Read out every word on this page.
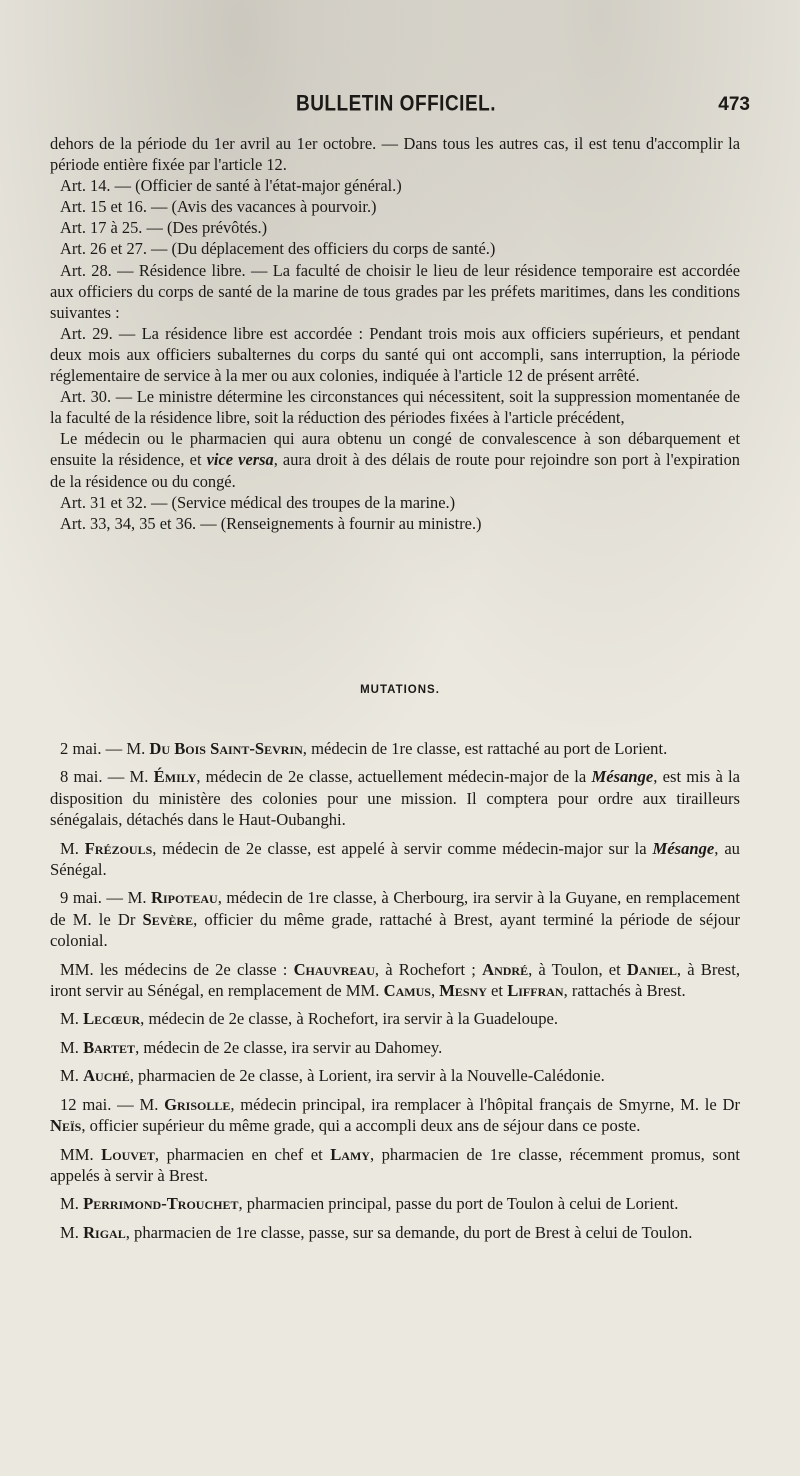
BULLETIN OFFICIEL.	473

dehors de la période du 1er avril au 1er octobre. — Dans tous les autres cas, il est tenu d'accomplir la période entière fixée par l'article 12.

Art. 14. — (Officier de santé à l'état-major général.)

Art. 15 et 16. — (Avis des vacances à pourvoir.)

Art. 17 à 25. — (Des prévôtés.)

Art. 26 et 27. — (Du déplacement des officiers du corps de santé.)

Art. 28. — Résidence libre. — La faculté de choisir le lieu de leur résidence temporaire est accordée aux officiers du corps de santé de la marine de tous grades par les préfets maritimes, dans les conditions suivantes :

Art. 29. — La résidence libre est accordée : Pendant trois mois aux officiers supérieurs, et pendant deux mois aux officiers subalternes du corps du santé qui ont accompli, sans interruption, la période réglementaire de service à la mer ou aux colonies, indiquée à l'article 12 de présent arrêté.

Art. 30. — Le ministre détermine les circonstances qui nécessitent, soit la suppression momentanée de la faculté de la résidence libre, soit la réduction des périodes fixées à l'article précédent,

Le médecin ou le pharmacien qui aura obtenu un congé de convalescence à son débarquement et ensuite la résidence, et vice versa, aura droit à des délais de route pour rejoindre son port à l'expiration de la résidence ou du congé.

Art. 31 et 32. — (Service médical des troupes de la marine.)

Art. 33, 34, 35 et 36. — (Renseignements à fournir au ministre.)

MUTATIONS.

2 mai. — M. Du Bois Saint-Sevrin, médecin de 1re classe, est rattaché au port de Lorient.

8 mai. — M. Émily, médecin de 2e classe, actuellement médecin-major de la Mésange, est mis à la disposition du ministère des colonies pour une mission. Il comptera pour ordre aux tirailleurs sénégalais, détachés dans le Haut-Oubanghi.

M. Frézouls, médecin de 2e classe, est appelé à servir comme médecin-major sur la Mésange, au Sénégal.

9 mai. — M. Ripoteau, médecin de 1re classe, à Cherbourg, ira servir à la Guyane, en remplacement de M. le Dr Sevère, officier du même grade, rattaché à Brest, ayant terminé la période de séjour colonial.

MM. les médecins de 2e classe : Chauvreau, à Rochefort ; André, à Toulon, et Daniel, à Brest, iront servir au Sénégal, en remplacement de MM. Camus, Mesny et Liffran, rattachés à Brest.

M. Lecœur, médecin de 2e classe, à Rochefort, ira servir à la Guadeloupe.

M. Bartet, médecin de 2e classe, ira servir au Dahomey.

M. Auché, pharmacien de 2e classe, à Lorient, ira servir à la Nouvelle-Calédonie.

12 mai. — M. Grisolle, médecin principal, ira remplacer à l'hôpital français de Smyrne, M. le Dr Neïs, officier supérieur du même grade, qui a accompli deux ans de séjour dans ce poste.

MM. Louvet, pharmacien en chef et Lamy, pharmacien de 1re classe, récemment promus, sont appelés à servir à Brest.

M. Perrimond-Trouchet, pharmacien principal, passe du port de Toulon à celui de Lorient.

M. Rigal, pharmacien de 1re classe, passe, sur sa demande, du port de Brest à celui de Toulon.
